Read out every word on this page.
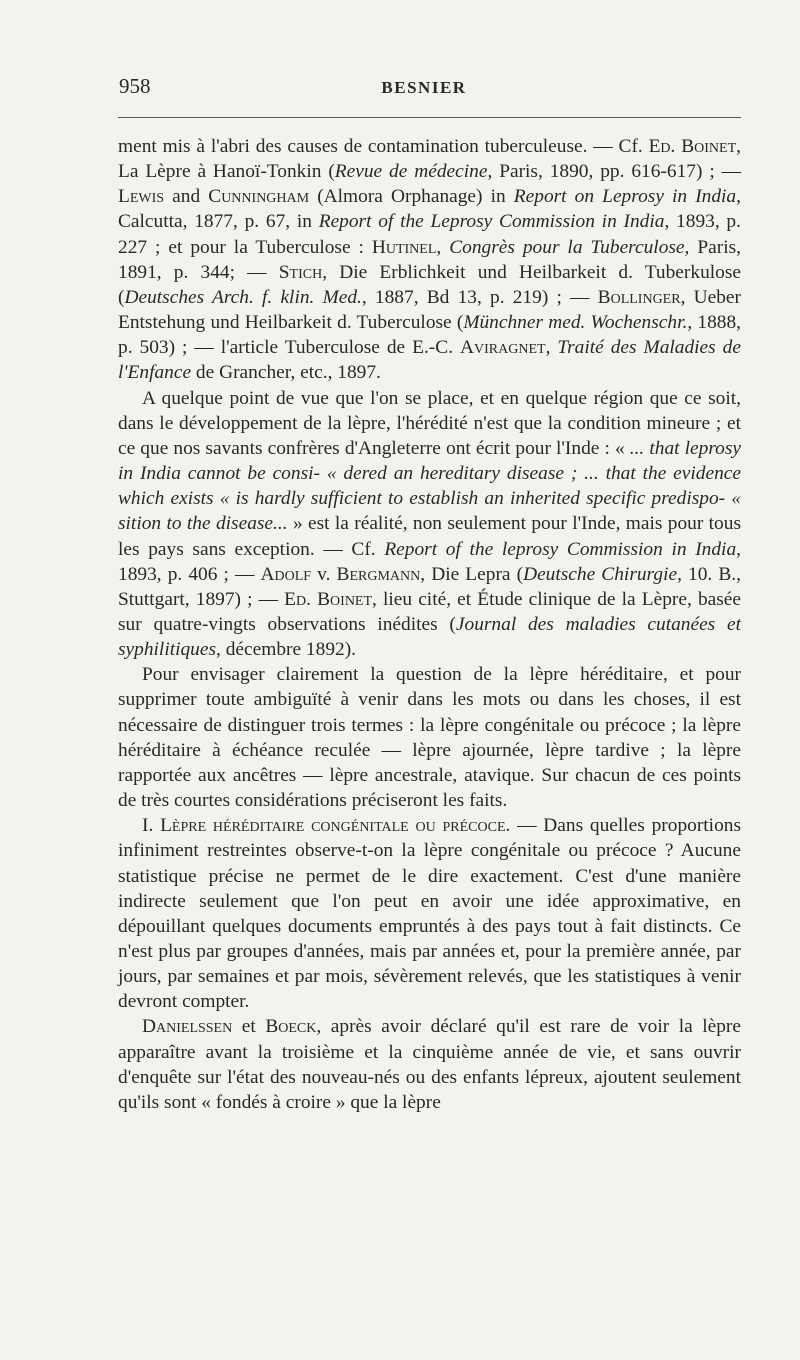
958	BESNIER

ment mis à l'abri des causes de contamination tuberculeuse. — Cf. Ed. Boinet, La Lèpre à Hanoï-Tonkin (Revue de médecine, Paris, 1890, pp. 616-617) ; — Lewis and Cunningham (Almora Orphanage) in Report on Leprosy in India, Calcutta, 1877, p. 67, in Report of the Leprosy Commission in India, 1893, p. 227 ; et pour la Tuberculose : Hutinel, Congrès pour la Tuberculose, Paris, 1891, p. 344; — Stich, Die Erblichkeit und Heilbarkeit d. Tuberkulose (Deutsches Arch. f. klin. Med., 1887, Bd 13, p. 219) ; — Bollinger, Ueber Entstehung und Heilbarkeit d. Tuberculose (Münchner med. Wochenschr., 1888, p. 503) ; — l'article Tuberculose de E.-C. Aviragnet, Traité des Maladies de l'Enfance de Grancher, etc., 1897.

A quelque point de vue que l'on se place, et en quelque région que ce soit, dans le développement de la lèpre, l'hérédité n'est que la condition mineure ; et ce que nos savants confrères d'Angleterre ont écrit pour l'Inde : « ... that leprosy in India cannot be consi- « dered an hereditary disease ; ... that the evidence which exists « is hardly sufficient to establish an inherited specific predispo- « sition to the disease... » est la réalité, non seulement pour l'Inde, mais pour tous les pays sans exception. — Cf. Report of the leprosy Commission in India, 1893, p. 406 ; — Adolf v. Bergmann, Die Lepra (Deutsche Chirurgie, 10. B., Stuttgart, 1897) ; — Ed. Boinet, lieu cité, et Étude clinique de la Lèpre, basée sur quatre-vingts observations inédites (Journal des maladies cutanées et syphilitiques, décembre 1892).

Pour envisager clairement la question de la lèpre héréditaire, et pour supprimer toute ambiguïté à venir dans les mots ou dans les choses, il est nécessaire de distinguer trois termes : la lèpre congénitale ou précoce ; la lèpre héréditaire à échéance reculée — lèpre ajournée, lèpre tardive ; la lèpre rapportée aux ancêtres — lèpre ancestrale, atavique. Sur chacun de ces points de très courtes considérations préciseront les faits.

I. Lèpre héréditaire congénitale ou précoce. — Dans quelles proportions infiniment restreintes observe-t-on la lèpre congénitale ou précoce ? Aucune statistique précise ne permet de le dire exactement. C'est d'une manière indirecte seulement que l'on peut en avoir une idée approximative, en dépouillant quelques documents empruntés à des pays tout à fait distincts. Ce n'est plus par groupes d'années, mais par années et, pour la première année, par jours, par semaines et par mois, sévèrement relevés, que les statistiques à venir devront compter.

Danielssen et Boeck, après avoir déclaré qu'il est rare de voir la lèpre apparaître avant la troisième et la cinquième année de vie, et sans ouvrir d'enquête sur l'état des nouveau-nés ou des enfants lépreux, ajoutent seulement qu'ils sont « fondés à croire » que la lèpre
